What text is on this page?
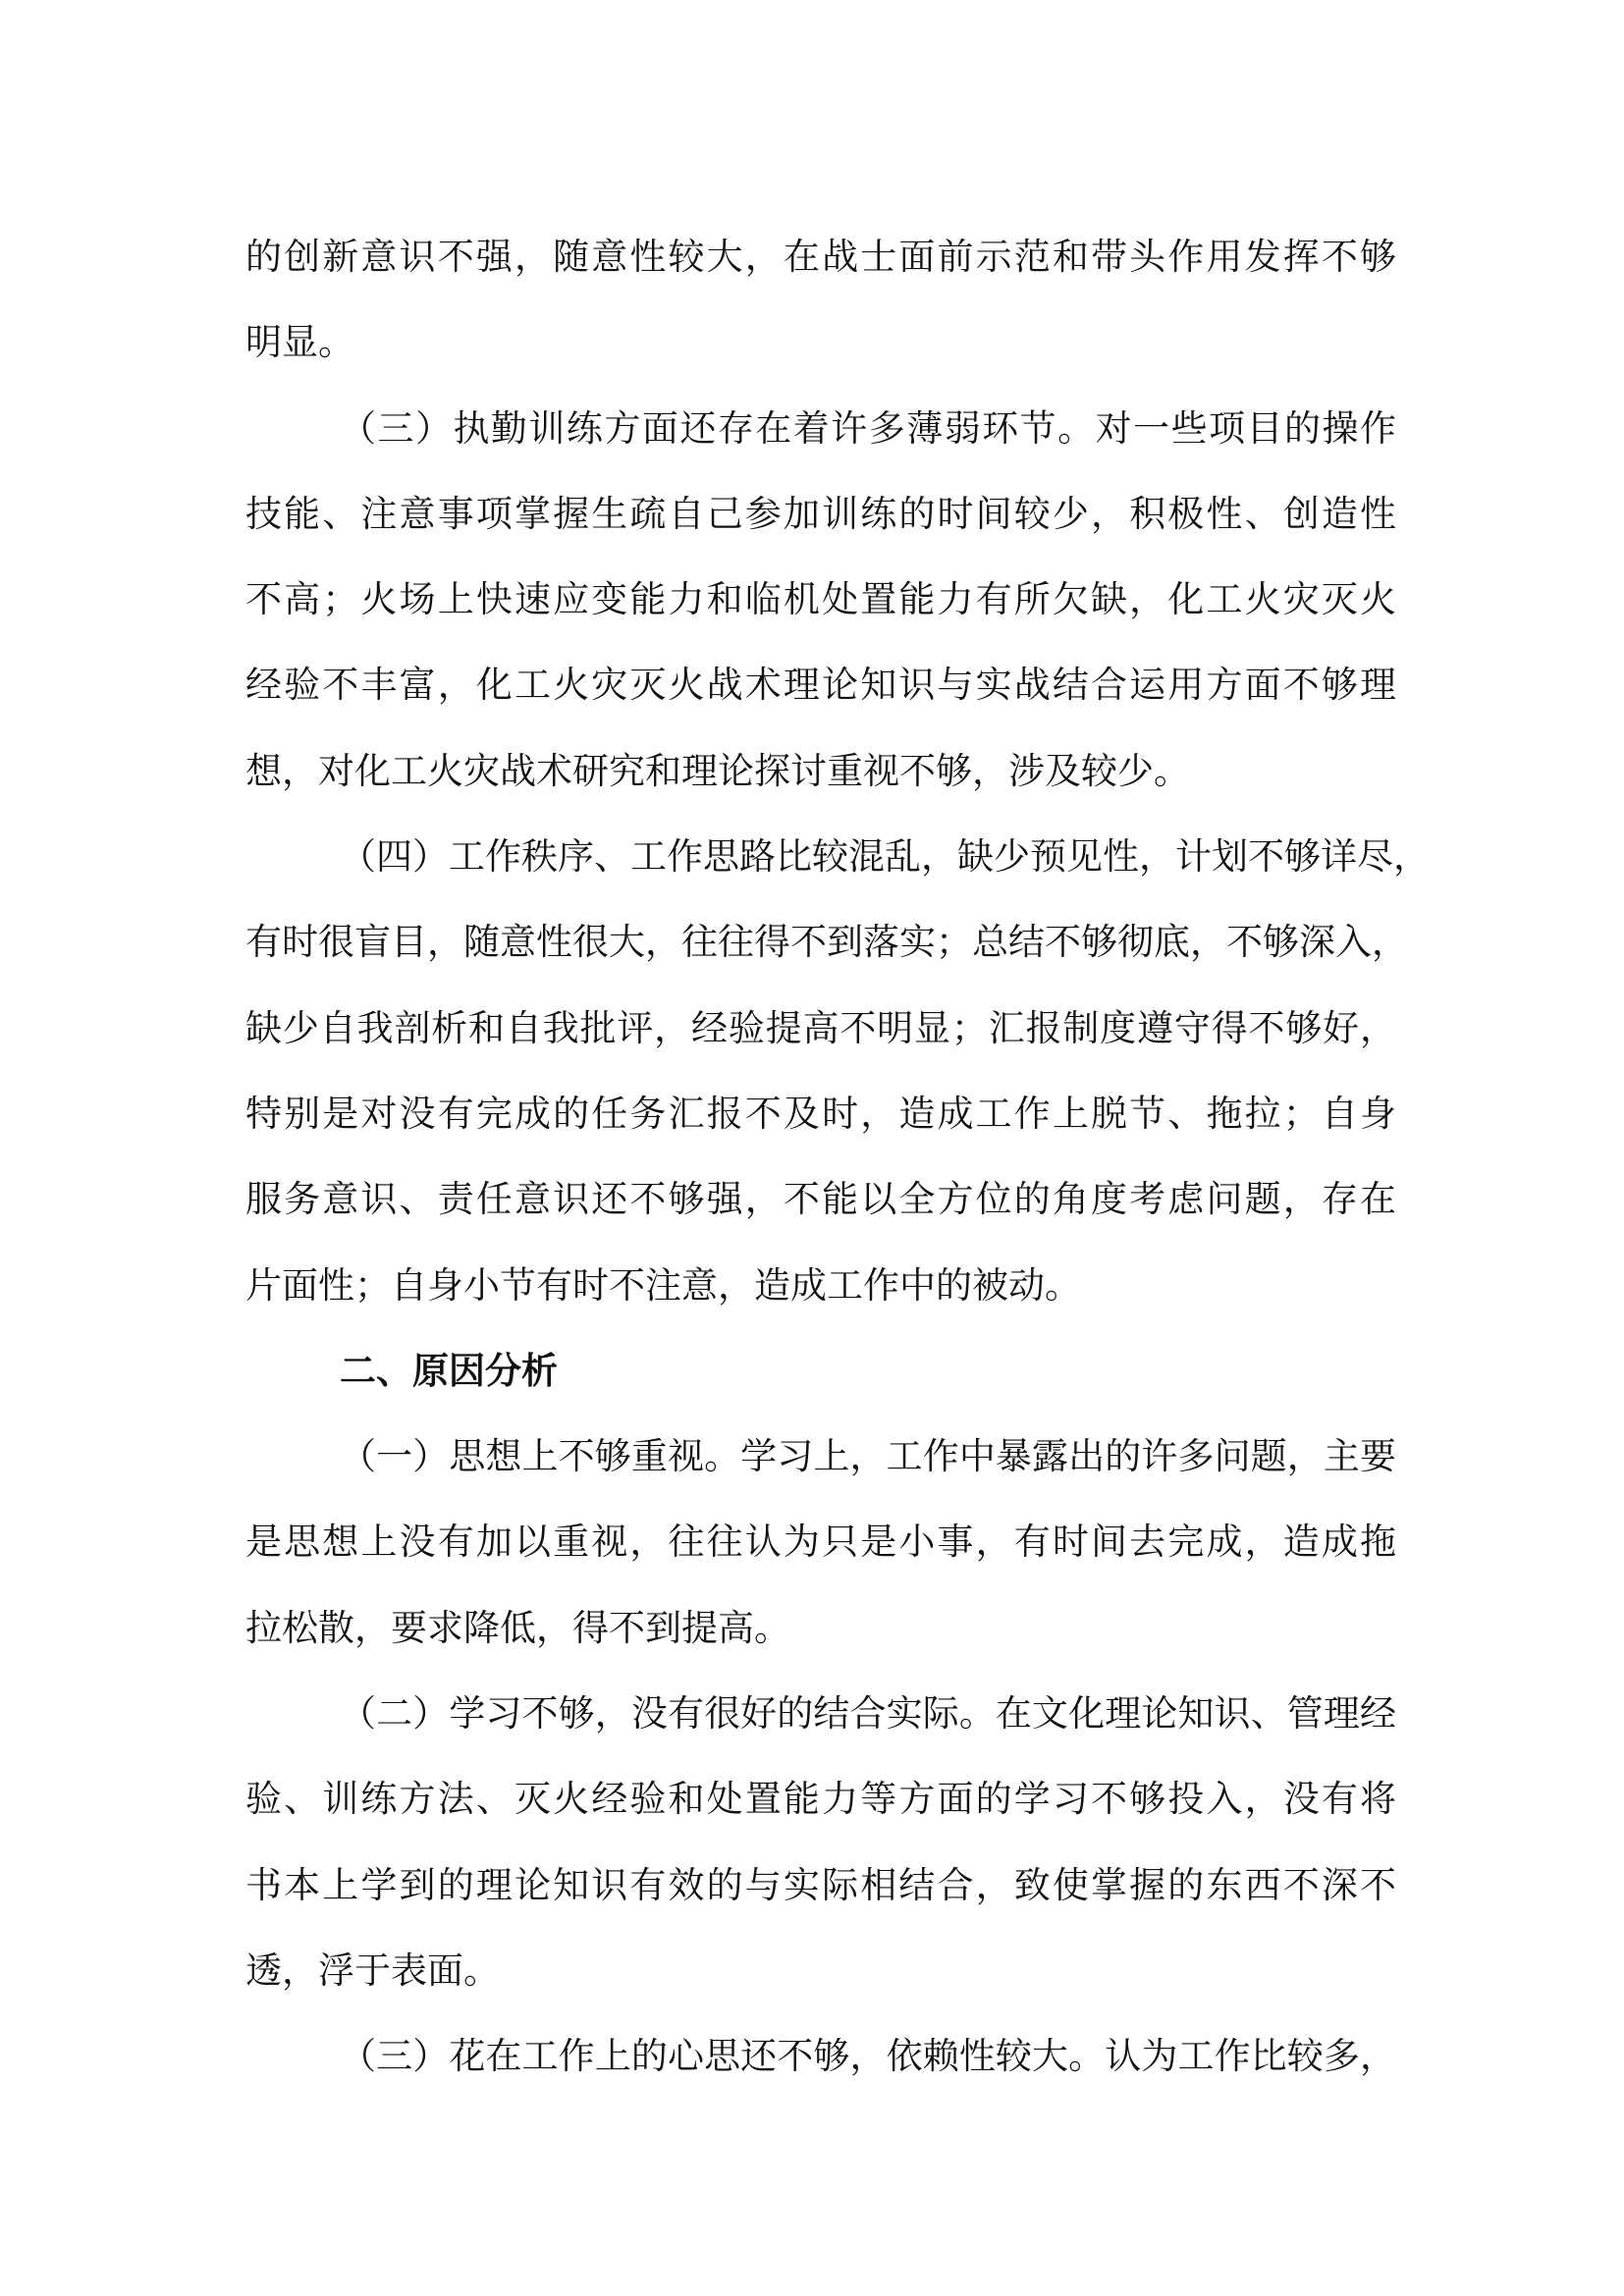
的创新意识不强，随意性较大，在战士面前示范和带头作用发挥不够
明显。
（三）执勤训练方面还存在着许多薄弱环节。对一些项目的操作
技能、注意事项掌握生疏自己参加训练的时间较少，积极性、创造性
不高；火场上快速应变能力和临机处置能力有所欠缺，化工火灾灭火
经验不丰富，化工火灾灭火战术理论知识与实战结合运用方面不够理
想，对化工火灾战术研究和理论探讨重视不够，涉及较少。
（四）工作秩序、工作思路比较混乱，缺少预见性，计划不够详尽，
有时很盲目，随意性很大，往往得不到落实；总结不够彻底，不够深入，
缺少自我剖析和自我批评，经验提高不明显；汇报制度遵守得不够好，
特别是对没有完成的任务汇报不及时，造成工作上脱节、拖拉；自身
服务意识、责任意识还不够强，不能以全方位的角度考虑问题，存在
片面性；自身小节有时不注意，造成工作中的被动。
二、原因分析
（一）思想上不够重视。学习上，工作中暴露出的许多问题，主要
是思想上没有加以重视，往往认为只是小事，有时间去完成，造成拖
拉松散，要求降低，得不到提高。
（二）学习不够，没有很好的结合实际。在文化理论知识、管理经
验、训练方法、灭火经验和处置能力等方面的学习不够投入，没有将
书本上学到的理论知识有效的与实际相结合，致使掌握的东西不深不
透，浮于表面。
（三）花在工作上的心思还不够，依赖性较大。认为工作比较多，
